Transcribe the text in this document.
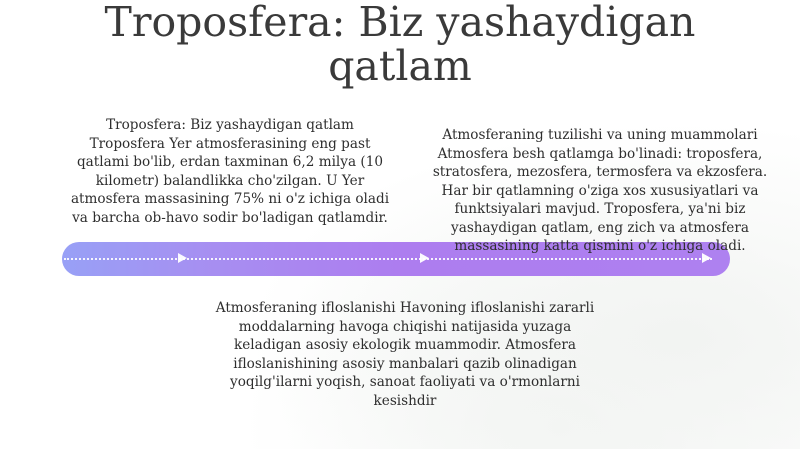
Troposfera: Biz yashaydigan qatlam

Troposfera: Biz yashaydigan qatlam Troposfera Yer atmosferasining eng past qatlami bo'lib, erdan taxminan 6,2 milya (10 kilometr) balandlikka cho'zilgan. U Yer atmosfera massasining 75% ni o'z ichiga oladi va barcha ob-havo sodir bo'ladigan qatlamdir.

Atmosferaning tuzilishi va uning muammolari Atmosfera besh qatlamga bo'linadi: troposfera, stratosfera, mezosfera, termosfera va ekzosfera. Har bir qatlamning o'ziga xos xususiyatlari va funktsiyalari mavjud. Troposfera, ya'ni biz yashaydigan qatlam, eng zich va atmosfera massasining katta qismini o'z ichiga oladi.

Atmosferaning ifloslanishi Havoning ifloslanishi zararli moddalarning havoga chiqishi natijasida yuzaga keladigan asosiy ekologik muammodir. Atmosfera ifloslanishining asosiy manbalari qazib olinadigan yoqilg'ilarni yoqish, sanoat faoliyati va o'rmonlarni kesishdir
